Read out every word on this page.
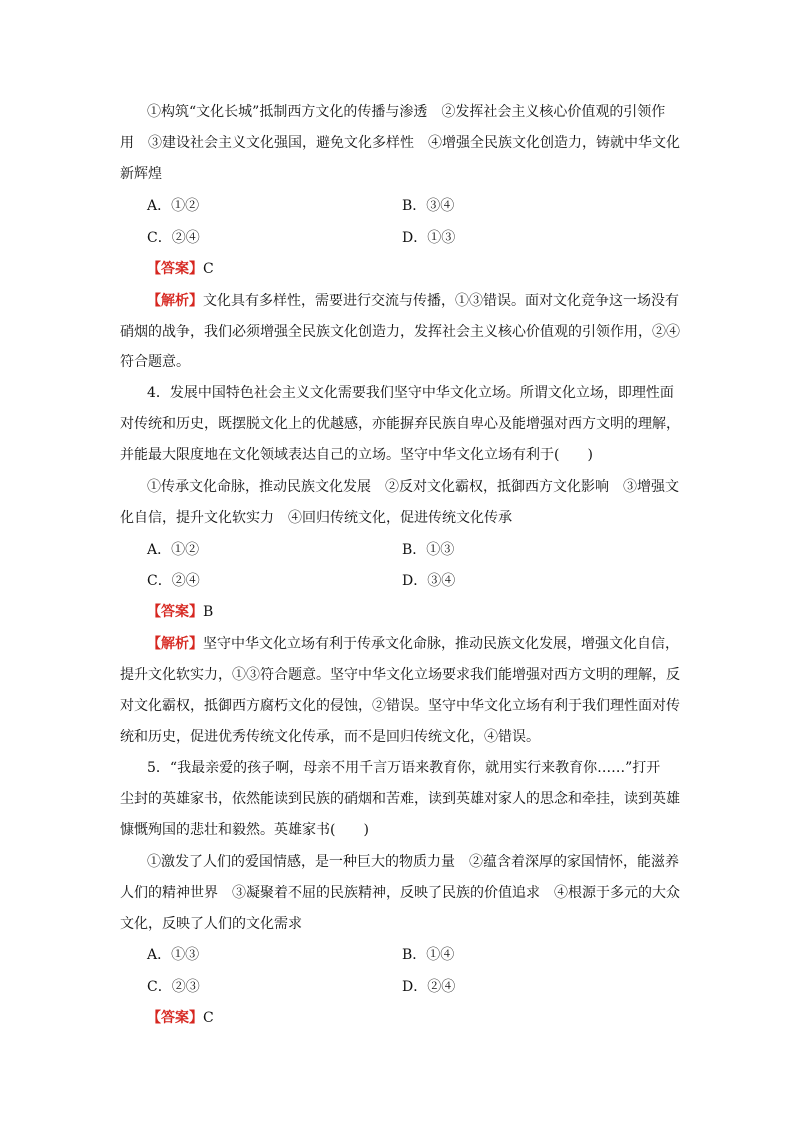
①构筑“文化长城”抵制西方文化的传播与渗透　②发挥社会主义核心价值观的引领作
用　③建设社会主义文化强国，避免文化多样性　④增强全民族文化创造力，铸就中华文化
新辉煌
A．①②	B．③④
C．②④	D．①③
【答案】C
【解析】文化具有多样性，需要进行交流与传播，①③错误。面对文化竞争这一场没有
硝烟的战争，我们必须增强全民族文化创造力，发挥社会主义核心价值观的引领作用，②④
符合题意。
4．发展中国特色社会主义文化需要我们坚守中华文化立场。所谓文化立场，即理性面
对传统和历史，既摆脱文化上的优越感，亦能摒弃民族自卑心及能增强对西方文明的理解，
并能最大限度地在文化领域表达自己的立场。坚守中华文化立场有利于(　　)
①传承文化命脉，推动民族文化发展　②反对文化霸权，抵御西方文化影响　③增强文
化自信，提升文化软实力　④回归传统文化，促进传统文化传承
A．①②	B．①③
C．②④	D．③④
【答案】B
【解析】坚守中华文化立场有利于传承文化命脉，推动民族文化发展，增强文化自信，
提升文化软实力，①③符合题意。坚守中华文化立场要求我们能增强对西方文明的理解，反
对文化霸权，抵御西方腐朽文化的侵蚀，②错误。坚守中华文化立场有利于我们理性面对传
统和历史，促进优秀传统文化传承，而不是回归传统文化，④错误。
5．“我最亲爱的孩子啊，母亲不用千言万语来教育你，就用实行来教育你……”打开
尘封的英雄家书，依然能读到民族的硝烟和苦难，读到英雄对家人的思念和牵挂，读到英雄
慷慨殉国的悲壮和毅然。英雄家书(　　)
①激发了人们的爱国情感，是一种巨大的物质力量　②蕴含着深厚的家国情怀，能滋养
人们的精神世界　③凝聚着不屈的民族精神，反映了民族的价值追求　④根源于多元的大众
文化，反映了人们的文化需求
A．①③	B．①④
C．②③	D．②④
【答案】C
